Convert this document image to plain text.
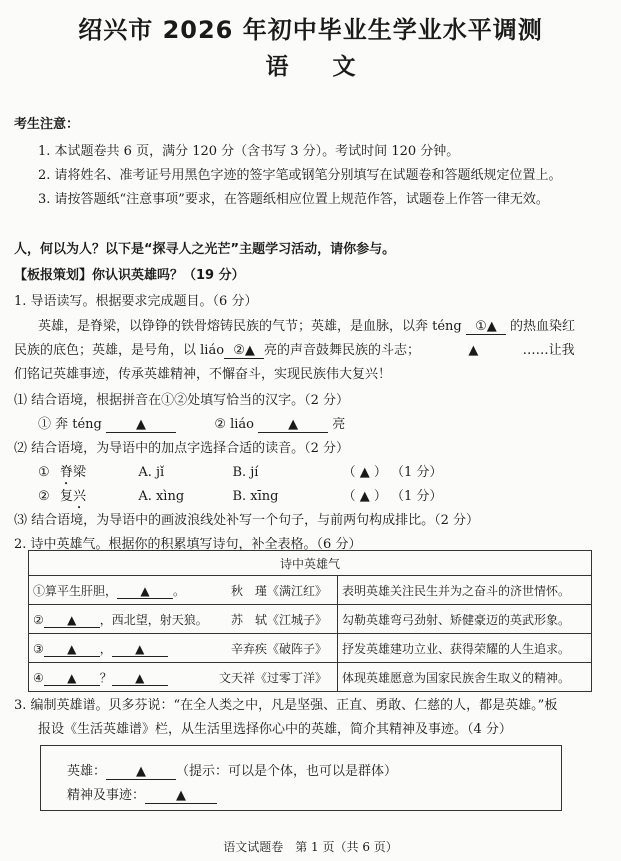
绍兴市 2026 年初中毕业生学业水平调测
语文
考生注意：
1. 本试题卷共 6 页，满分 120 分（含书写 3 分）。考试时间 120 分钟。
2. 请将姓名、准考证号用黑色字迹的签字笔或钢笔分别填写在试题卷和答题纸规定位置上。
3. 请按答题纸“注意事项”要求，在答题纸相应位置上规范作答，试题卷上作答一律无效。
人，何以为人？以下是“探寻人之光芒”主题学习活动，请你参与。
【板报策划】你认识英雄吗？（19 分）
1. 导语读写。根据要求完成题目。（6 分）
英雄，是脊梁，以铮铮的铁骨熔铸民族的气节；英雄，是血脉，以奔 téng ①▲ 的热血染红
民族的底色；英雄，是号角，以 liáo ②▲ 亮的声音鼓舞民族的斗志；	▲	……让我
们铭记英雄事迹，传承英雄精神，不懈奋斗，实现民族伟大复兴！
⑴ 结合语境，根据拼音在①②处填写恰当的汉字。（2 分）
① 奔 téng	▲	② liáo	▲	亮
⑵ 结合语境，为导语中的加点字选择合适的读音。（2 分）
① 脊梁	A. jǐ	B. jí	（ ▲ ） （1 分）
② 复兴	A. xìng	B. xīng	（ ▲ ） （1 分）
⑶ 结合语境，为导语中的画波浪线处补写一个句子，与前两句构成排比。（2 分）
2. 诗中英雄气。根据你的积累填写诗句，补全表格。（6 分）
诗中英雄气	
①算平生肝胆， ▲ 。 秋　瑾《满江红》	表明英雄关注民生并为之奋斗的济世情怀。
② ▲ ，西北望，射天狼。 苏　轼《江城子》	勾勒英雄弯弓劲射、矫健豪迈的英武形象。
③ ▲ ， ▲ 辛弃疾《破阵子》	抒发英雄建功立业、获得荣耀的人生追求。
④ ▲ ？ ▲ 文天祥《过零丁洋》	体现英雄愿意为国家民族舍生取义的精神。
3. 编制英雄谱。贝多芬说：“在全人类之中，凡是坚强、正直、勇敢、仁慈的人，都是英雄。”板
报设《生活英雄谱》栏，从生活里选择你心中的英雄，简介其精神及事迹。（4 分）
英雄： ▲ （提示：可以是个体，也可以是群体）
精神及事迹： ▲
语文试题卷　第 1 页（共 6 页）
